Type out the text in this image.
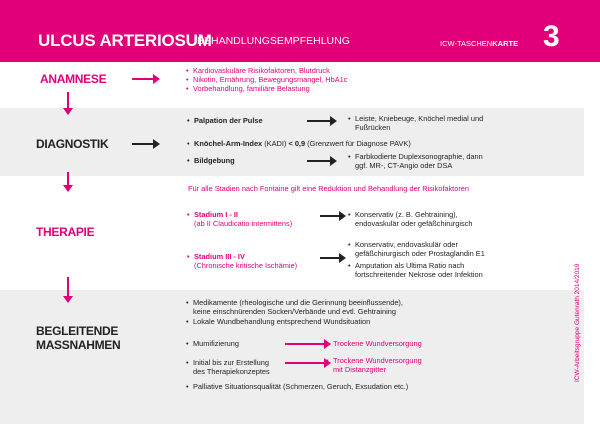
ULCUS ARTERIOSUM
BEHANDLUNGSEMPFEHLUNG	ICW-TASCHENKARTE 3
ANAMNESE
• Kardiovaskuläre Risikofaktoren, Blutdruck
• Nikotin, Ernährung, Bewegungsmangel, HbA1c
• Vorbehandlung, familiäre Belastung
DIAGNOSTIK
• Palpation der Pulse	• Leiste, Kniebeuge, Knöchel medial und
Fußrücken
• Knöchel-Arm-Index (KADI) < 0,9 (Grenzwert für Diagnose PAVK)
• Bildgebung	• Farbkodierte Duplexsonographie, dann
ggf. MR-, CT-Angio oder DSA
Für alle Stadien nach Fontaine gilt eine Reduktion und Behandlung der Risikofaktoren
THERAPIE
• Stadium I - II
(ab II Claudicatio intermittens)
• Konservativ (z. B. Gehtraining),
endovaskulär oder gefäßchirurgisch
• Stadium III - IV
(Chronische kritische Ischämie)
• Konservativ, endovaskulär oder
gefäßchirurgisch oder Prostaglandin E1
• Amputation als Ultima Ratio nach
fortschreitender Nekrose oder Infektion
BEGLEITENDE
MASSNAHMEN
• Medikamente (rheologische und die Gerinnung beeinflussende),
keine einschnürenden Socken/Verbände und evtl. Gehtraining
• Lokale Wundbehandlung entsprechend Wundsituation
• Mumifizierung	• Trockene Wundversorgung
• Initial bis zur Erstellung
des Therapiekonzeptes
• Trockene Wundversorgung
mit Distanzgitter
• Palliative Situationsqualität (Schmerzen, Geruch, Exsudation etc.)
ICW-Arbeitsgruppe Gutenrath 2014/2019
